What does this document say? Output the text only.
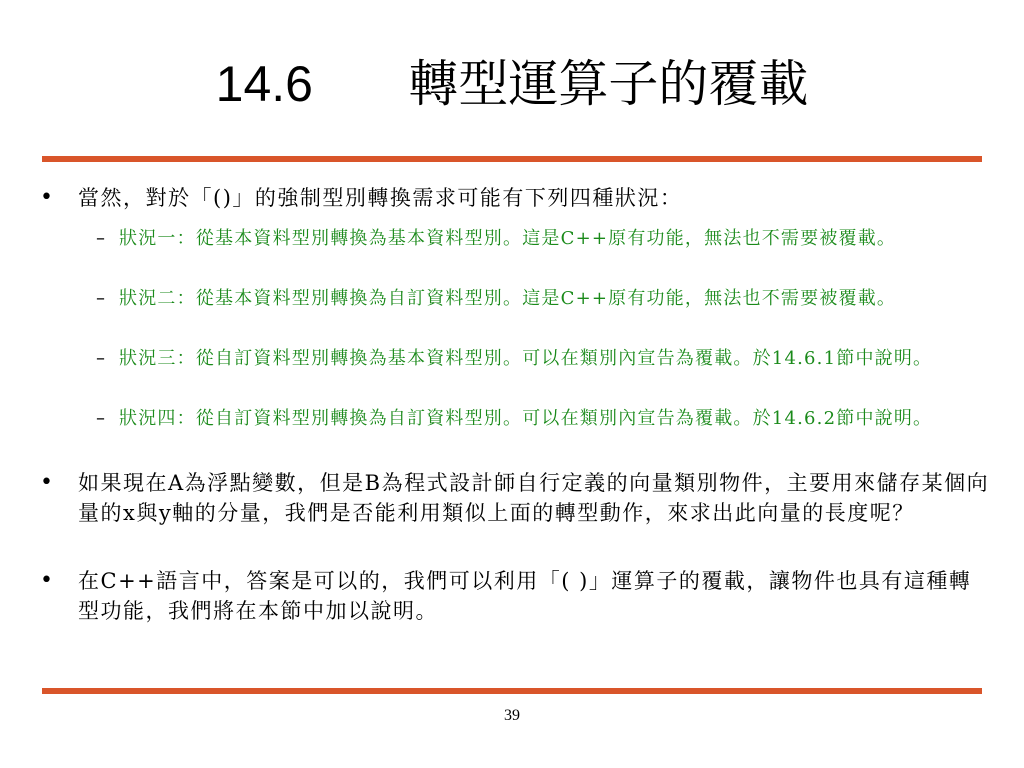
14.6 轉型運算子的覆載
• 當然，對於「()」的強制型別轉換需求可能有下列四種狀況：
– 狀況一：從基本資料型別轉換為基本資料型別。這是C++原有功能，無法也不需要被覆載。
– 狀況二：從基本資料型別轉換為自訂資料型別。這是C++原有功能，無法也不需要被覆載。
– 狀況三：從自訂資料型別轉換為基本資料型別。可以在類別內宣告為覆載。於14.6.1節中說明。
– 狀況四：從自訂資料型別轉換為自訂資料型別。可以在類別內宣告為覆載。於14.6.2節中說明。
• 如果現在A為浮點變數，但是B為程式設計師自行定義的向量類別物件，主要用來儲存某個向量的x與y軸的分量，我們是否能利用類似上面的轉型動作，來求出此向量的長度呢？
• 在C++語言中，答案是可以的，我們可以利用「( )」運算子的覆載，讓物件也具有這種轉型功能，我們將在本節中加以說明。
39
